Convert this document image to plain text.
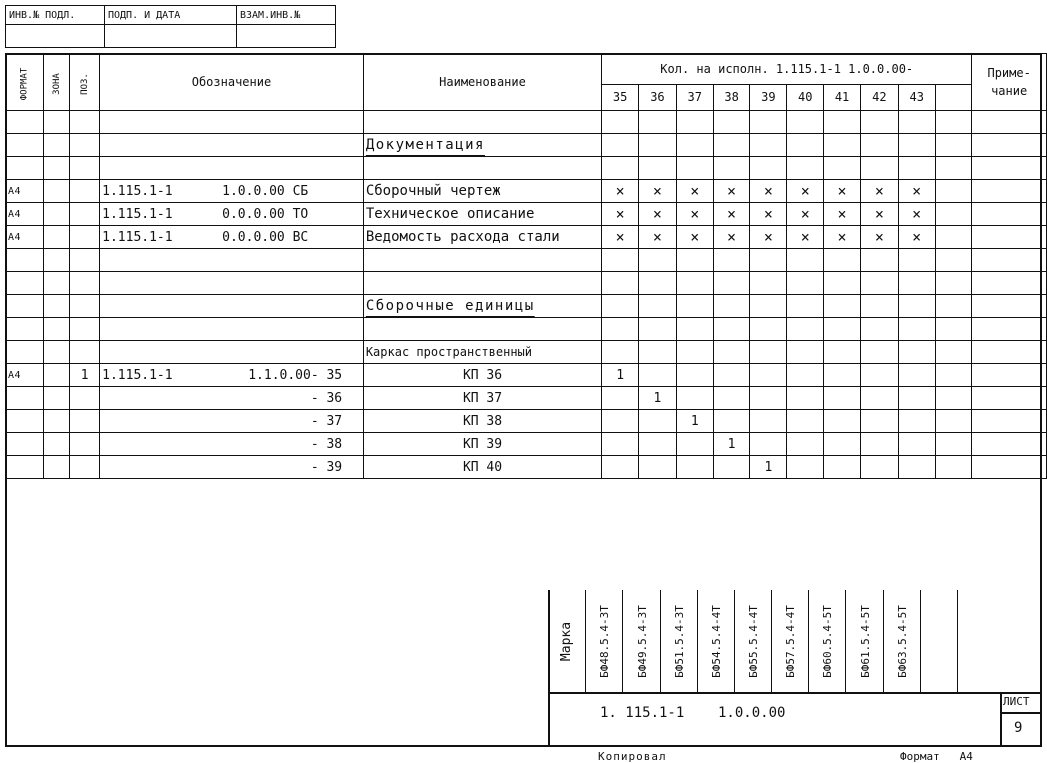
ИНВ.№ ПОДЛ.	ПОДП. И ДАТА	ВЗАМ.ИНВ.№

ФОРМАТ	ЗОНА	ПОЗ.	Обозначение	Наименование	Кол. на исполн. 1.115.1-1 1.0.0.00-										Приме-чание
					35	36	37	38	39	40	41	42	43		

				Документация											

А4			1.115.1-1 1.0.0.00 СБ	Сборочный чертеж	×	×	×	×	×	×	×	×	×		
А4			1.115.1-1 0.0.0.00 ТО	Техническое описание	×	×	×	×	×	×	×	×	×		
А4			1.115.1-1 0.0.0.00 ВС	Ведомость расхода стали	×	×	×	×	×	×	×	×	×		

				Сборочные единицы											

				Каркас пространственный											
А4		1	1.115.1-1 1.1.0.00- 35	КП 36	1										
			- 36	КП 37		1									
			- 37	КП 38			1								
			- 38	КП 39				1							
			- 39	КП 40					1						
Марка БФ48.5.4-3Т БФ49.5.4-3Т БФ51.5.4-3Т БФ54.5.4-4Т БФ55.5.4-4Т БФ57.5.4-4Т БФ60.5.4-5Т БФ61.5.4-5Т БФ63.5.4-5Т
1. 115.1-1    1.0.0.00
ЛИСТ
9
Копировал	Формат   А4
